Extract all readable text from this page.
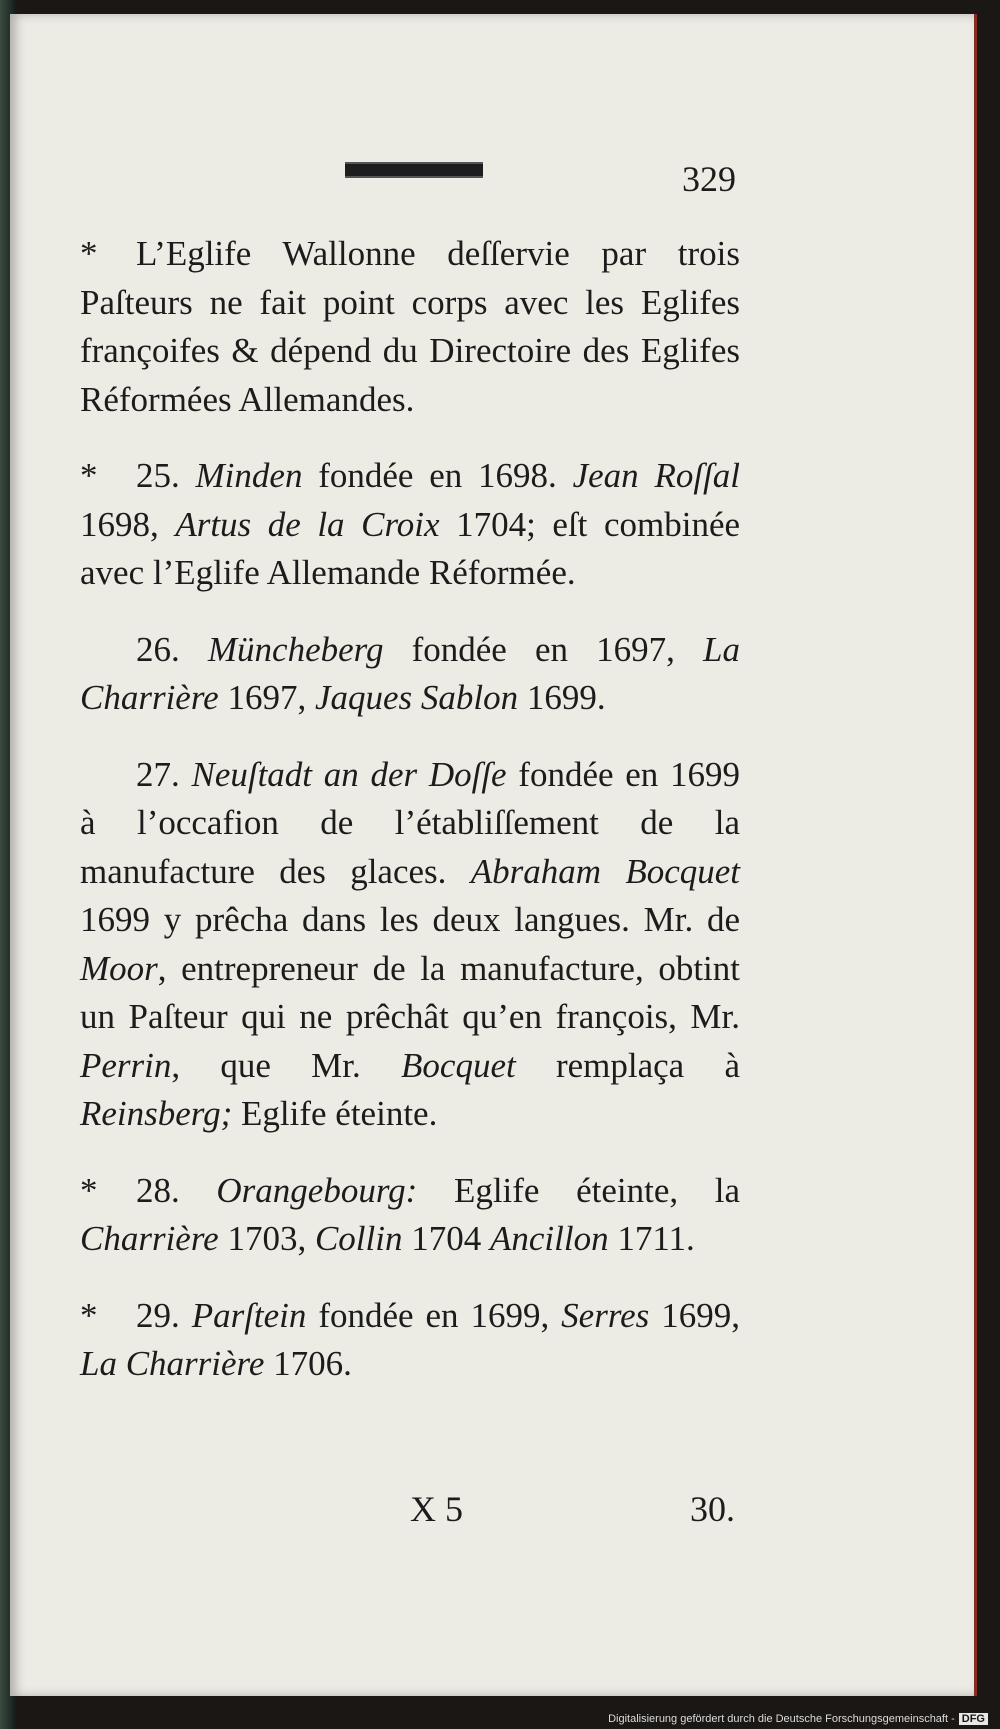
329

* L’Eglife Wallonne deſſervie par trois Paſteurs ne fait point corps avec les Eglifes françoifes & dépend du Directoire des Eglifes Réformées Allemandes.

* 25. Minden fondée en 1698. Jean Roſſal 1698, Artus de la Croix 1704; eſt combinée avec l’Eglife Allemande Réformée.

26. Müncheberg fondée en 1697, La Charrière 1697, Jaques Sablon 1699.

27. Neuſtadt an der Doſſe fondée en 1699 à l’occafion de l’établiſſement de la manufacture des glaces. Abraham Bocquet 1699 y prêcha dans les deux langues. Mr. de Moor, entrepreneur de la manufacture, obtint un Paſteur qui ne prêchât qu’en françois, Mr. Perrin, que Mr. Bocquet remplaça à Reinsberg; Eglife éteinte.

* 28. Orangebourg: Eglife éteinte, la Charrière 1703, Collin 1704 Ancillon 1711.

* 29. Parſtein fondée en 1699, Serres 1699, La Charrière 1706.

X 5	30.
Digitalisierung gefördert durch die Deutsche Forschungsgemeinschaft - DFG
